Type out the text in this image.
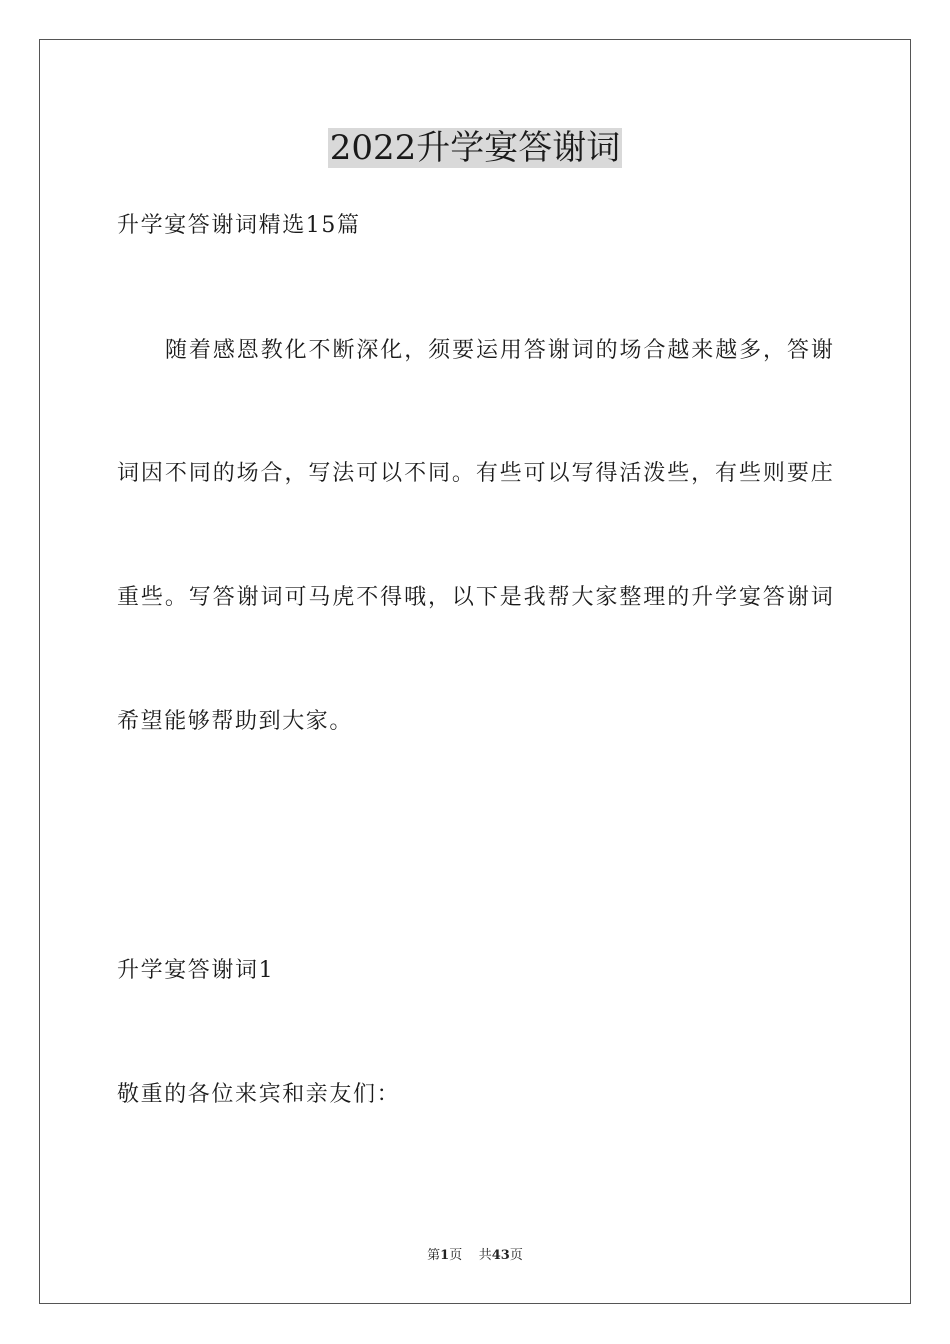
2022升学宴答谢词
升学宴答谢词精选15篇
随 着 感 恩 教 化 不 断 深 化 ， 须 要 运 用 答 谢 词 的 场 合 越 来 越 多 ， 答 谢
词 因 不 同 的 场 合 ， 写 法 可 以 不 同 。 有 些 可 以 写 得 活 泼 些 ， 有 些 则 要 庄
重 些 。 写 答 谢 词 可 马 虎 不 得 哦 ， 以 下 是 我 帮 大 家 整 理 的 升 学 宴 答 谢 词
希望能够帮助到大家。
升学宴答谢词1
敬重的各位来宾和亲友们：
第1页 共43页
